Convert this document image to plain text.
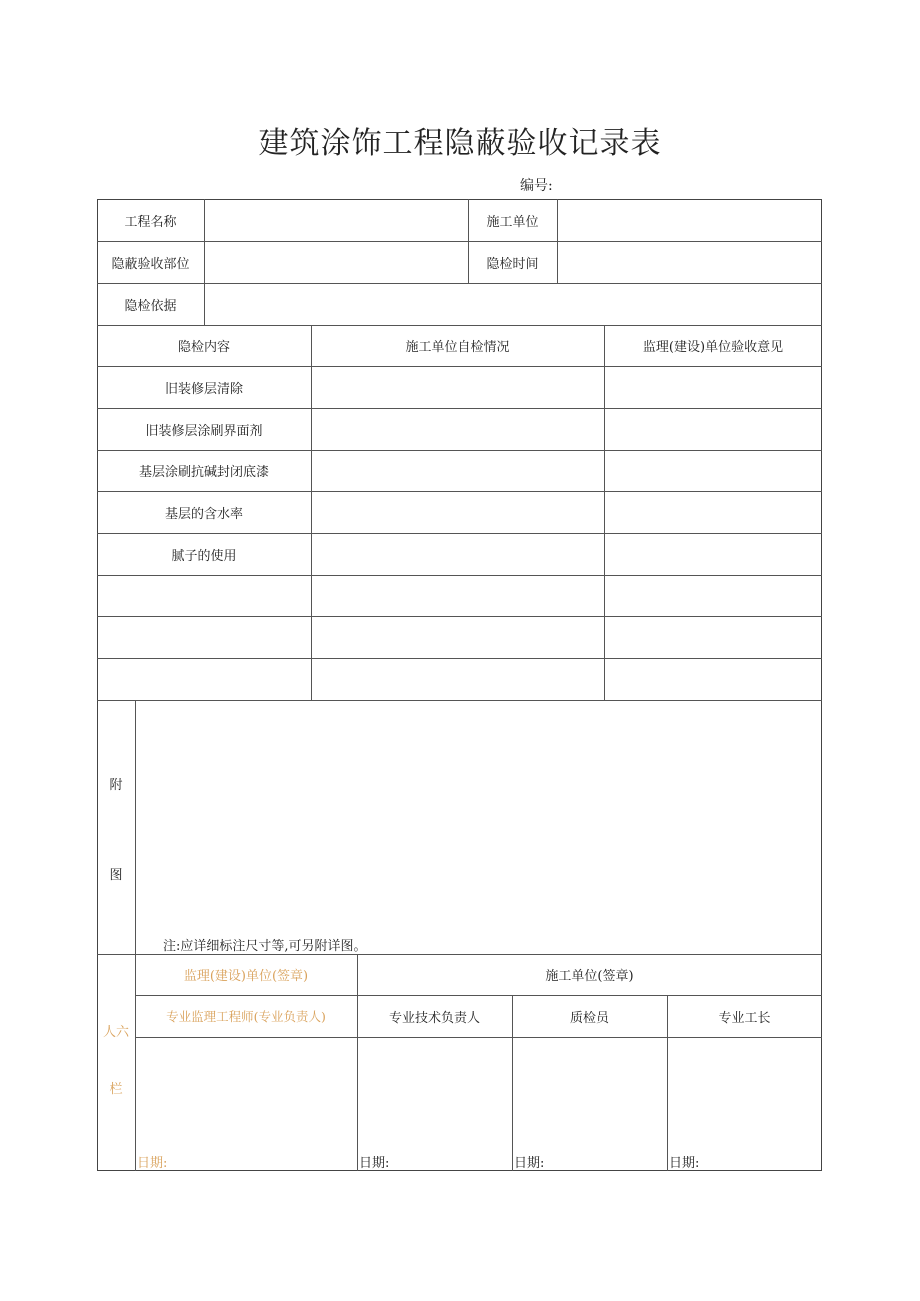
建筑涂饰工程隐蔽验收记录表
编号:
工程名称	施工单位
隐蔽验收部位	隐检时间
隐检依据
隐检内容	施工单位自检情况	监理(建设)单位验收意见
旧装修层清除
旧装修层涂刷界面剂
基层涂刷抗碱封闭底漆
基层的含水率
腻子的使用
附
图
注:应详细标注尺寸等,可另附详图。
人六
栏
监理(建设)单位(签章)	施工单位(签章)
专业监理工程师(专业负责人)	专业技术负责人	质检员	专业工长
日期:	日期:	日期:	日期:
